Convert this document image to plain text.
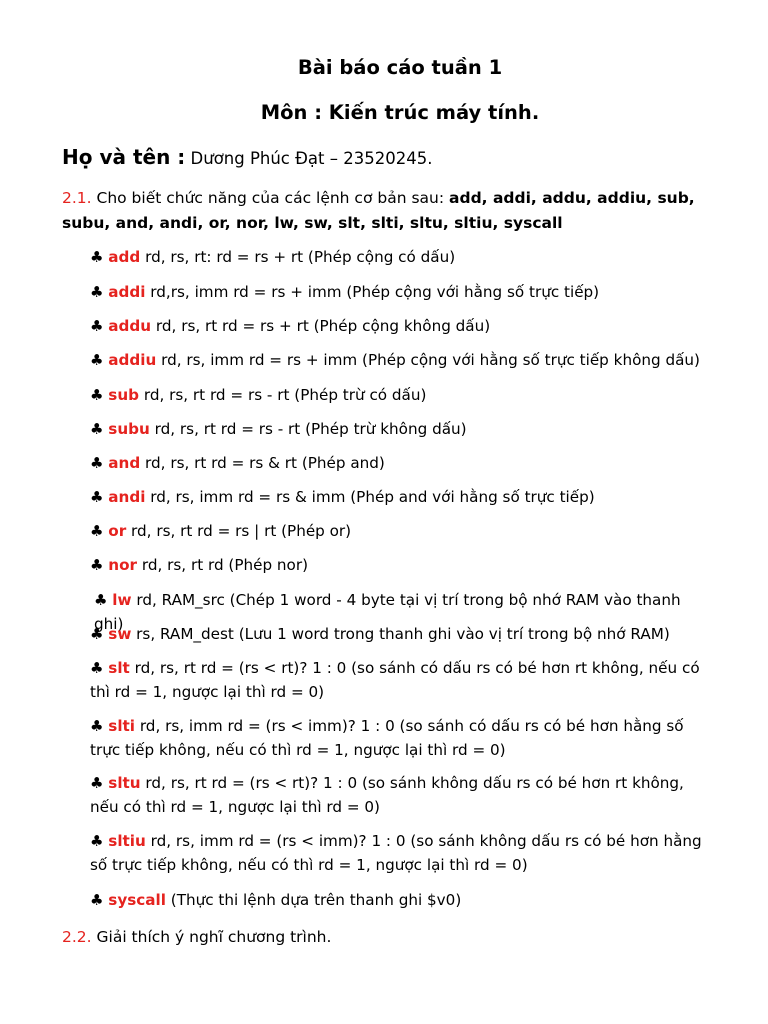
Bài báo cáo tuần 1
Môn : Kiến trúc máy tính.
Họ và tên : Dương Phúc Đạt – 23520245.
2.1. Cho biết chức năng của các lệnh cơ bản sau: add, addi, addu, addiu, sub, subu, and, andi, or, nor, lw, sw, slt, slti, sltu, sltiu, syscall
♣ add rd, rs, rt: rd = rs + rt (Phép cộng có dấu)
♣ addi rd,rs, imm rd = rs + imm (Phép cộng với hằng số trực tiếp)
♣ addu rd, rs, rt rd = rs + rt (Phép cộng không dấu)
♣ addiu rd, rs, imm rd = rs + imm (Phép cộng với hằng số trực tiếp không dấu)
♣ sub rd, rs, rt rd = rs - rt (Phép trừ có dấu)
♣ subu rd, rs, rt rd = rs - rt (Phép trừ không dấu)
♣ and rd, rs, rt rd = rs & rt (Phép and)
♣ andi rd, rs, imm rd = rs & imm (Phép and với hằng số trực tiếp)
♣ or rd, rs, rt rd = rs | rt (Phép or)
♣ nor rd, rs, rt rd (Phép nor)
♣ lw rd, RAM_src (Chép 1 word - 4 byte tại vị trí trong bộ nhớ RAM vào thanh ghi)
♣ sw rs, RAM_dest (Lưu 1 word trong thanh ghi vào vị trí trong bộ nhớ RAM)
♣ slt rd, rs, rt rd = (rs < rt)? 1 : 0 (so sánh có dấu rs có bé hơn rt không, nếu có thì rd = 1, ngược lại thì rd = 0)
♣ slti rd, rs, imm rd = (rs < imm)? 1 : 0 (so sánh có dấu rs có bé hơn hằng số trực tiếp không, nếu có thì rd = 1, ngược lại thì rd = 0)
♣ sltu rd, rs, rt rd = (rs < rt)? 1 : 0 (so sánh không dấu rs có bé hơn rt không, nếu có thì rd = 1, ngược lại thì rd = 0)
♣ sltiu rd, rs, imm rd = (rs < imm)? 1 : 0 (so sánh không dấu rs có bé hơn hằng số trực tiếp không, nếu có thì rd = 1, ngược lại thì rd = 0)
♣ syscall (Thực thi lệnh dựa trên thanh ghi $v0)
2.2. Giải thích ý nghĩ chương trình.
